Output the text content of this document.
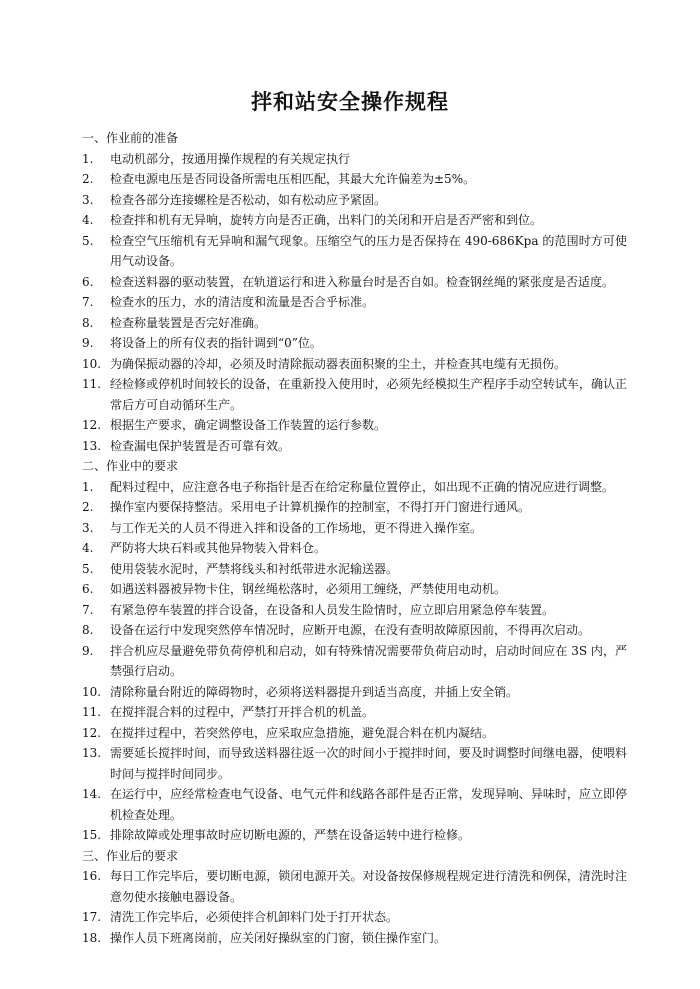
拌和站安全操作规程
一、作业前的准备
1.	电动机部分，按通用操作规程的有关规定执行
2.	检查电源电压是否同设备所需电压相匹配，其最大允许偏差为±5%。
3.	检查各部分连接螺栓是否松动，如有松动应予紧固。
4.	检查拌和机有无异响，旋转方向是否正确，出料门的关闭和开启是否严密和到位。
5.	检查空气压缩机有无异响和漏气现象。压缩空气的压力是否保持在 490-686Kpa 的范围时方可使用气动设备。
6.	检查送料器的驱动装置，在轨道运行和进入称量台时是否自如。检查钢丝绳的紧张度是否适度。
7.	检查水的压力，水的清洁度和流量是否合乎标准。
8.	检查称量装置是否完好准确。
9.	将设备上的所有仪表的指针调到“0”位。
10. 为确保振动器的冷却，必须及时清除振动器表面积聚的尘土，并检查其电缆有无损伤。
11. 经检修或停机时间较长的设备，在重新投入使用时，必须先经模拟生产程序手动空转试车，确认正常后方可自动循环生产。
12. 根据生产要求，确定调整设备工作装置的运行参数。
13. 检查漏电保护装置是否可靠有效。
二、作业中的要求
1.	配料过程中，应注意各电子称指针是否在给定称量位置停止，如出现不正确的情况应进行调整。
2.	操作室内要保持整洁。采用电子计算机操作的控制室，不得打开门窗进行通风。
3.	与工作无关的人员不得进入拌和设备的工作场地，更不得进入操作室。
4.	严防将大块石料或其他异物装入骨料仓。
5.	使用袋装水泥时，严禁将线头和衬纸带进水泥输送器。
6.	如遇送料器被异物卡住，钢丝绳松落时，必须用工缠绕，严禁使用电动机。
7.	有紧急停车装置的拌合设备，在设备和人员发生险情时，应立即启用紧急停车装置。
8.	设备在运行中发现突然停车情况时，应断开电源，在没有查明故障原因前，不得再次启动。
9.	拌合机应尽量避免带负荷停机和启动，如有特殊情况需要带负荷启动时，启动时间应在 3S 内，严禁强行启动。
10. 清除称量台附近的障碍物时，必须将送料器提升到适当高度，并插上安全销。
11. 在搅拌混合料的过程中，严禁打开拌合机的机盖。
12. 在搅拌过程中，若突然停电，应采取应急措施，避免混合料在机内凝结。
13. 需要延长搅拌时间，而导致送料器往返一次的时间小于搅拌时间，要及时调整时间继电器，使喂料时间与搅拌时间同步。
14. 在运行中，应经常检查电气设备、电气元件和线路各部件是否正常，发现异响、异味时，应立即停机检查处理。
15. 排除故障或处理事故时应切断电源的，严禁在设备运转中进行检修。
三、作业后的要求
16. 每日工作完毕后，要切断电源，锁闭电源开关。对设备按保修规程规定进行清洗和例保，清洗时注意勿使水接触电器设备。
17. 清洗工作完毕后，必须使拌合机卸料门处于打开状态。
18. 操作人员下班离岗前，应关闭好操纵室的门窗，锁住操作室门。
